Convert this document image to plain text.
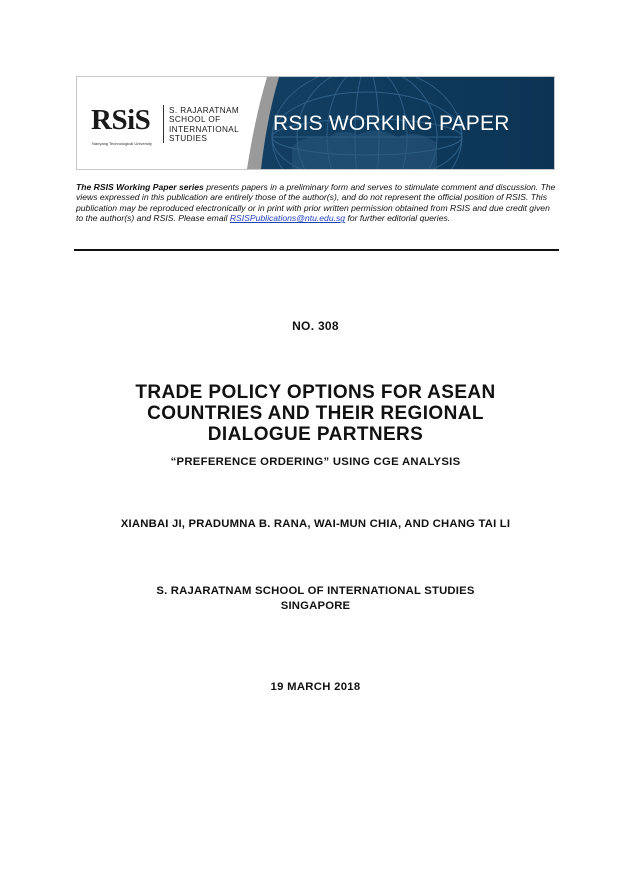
RSiS
Nanyang Technological University
S. RAJARATNAM
SCHOOL OF
INTERNATIONAL
STUDIES
RSIS WORKING PAPER
The RSIS Working Paper series presents papers in a preliminary form and serves to stimulate comment and discussion. The views expressed in this publication are entirely those of the author(s), and do not represent the official position of RSIS. This publication may be reproduced electronically or in print with prior written permission obtained from RSIS and due credit given to the author(s) and RSIS. Please email RSISPublications@ntu.edu.sg for further editorial queries.
NO. 308
TRADE POLICY OPTIONS FOR ASEAN
COUNTRIES AND THEIR REGIONAL
DIALOGUE PARTNERS
“PREFERENCE ORDERING” USING CGE ANALYSIS
XIANBAI JI, PRADUMNA B. RANA, WAI-MUN CHIA, AND CHANG TAI LI
S. RAJARATNAM SCHOOL OF INTERNATIONAL STUDIES
SINGAPORE
19 MARCH 2018
